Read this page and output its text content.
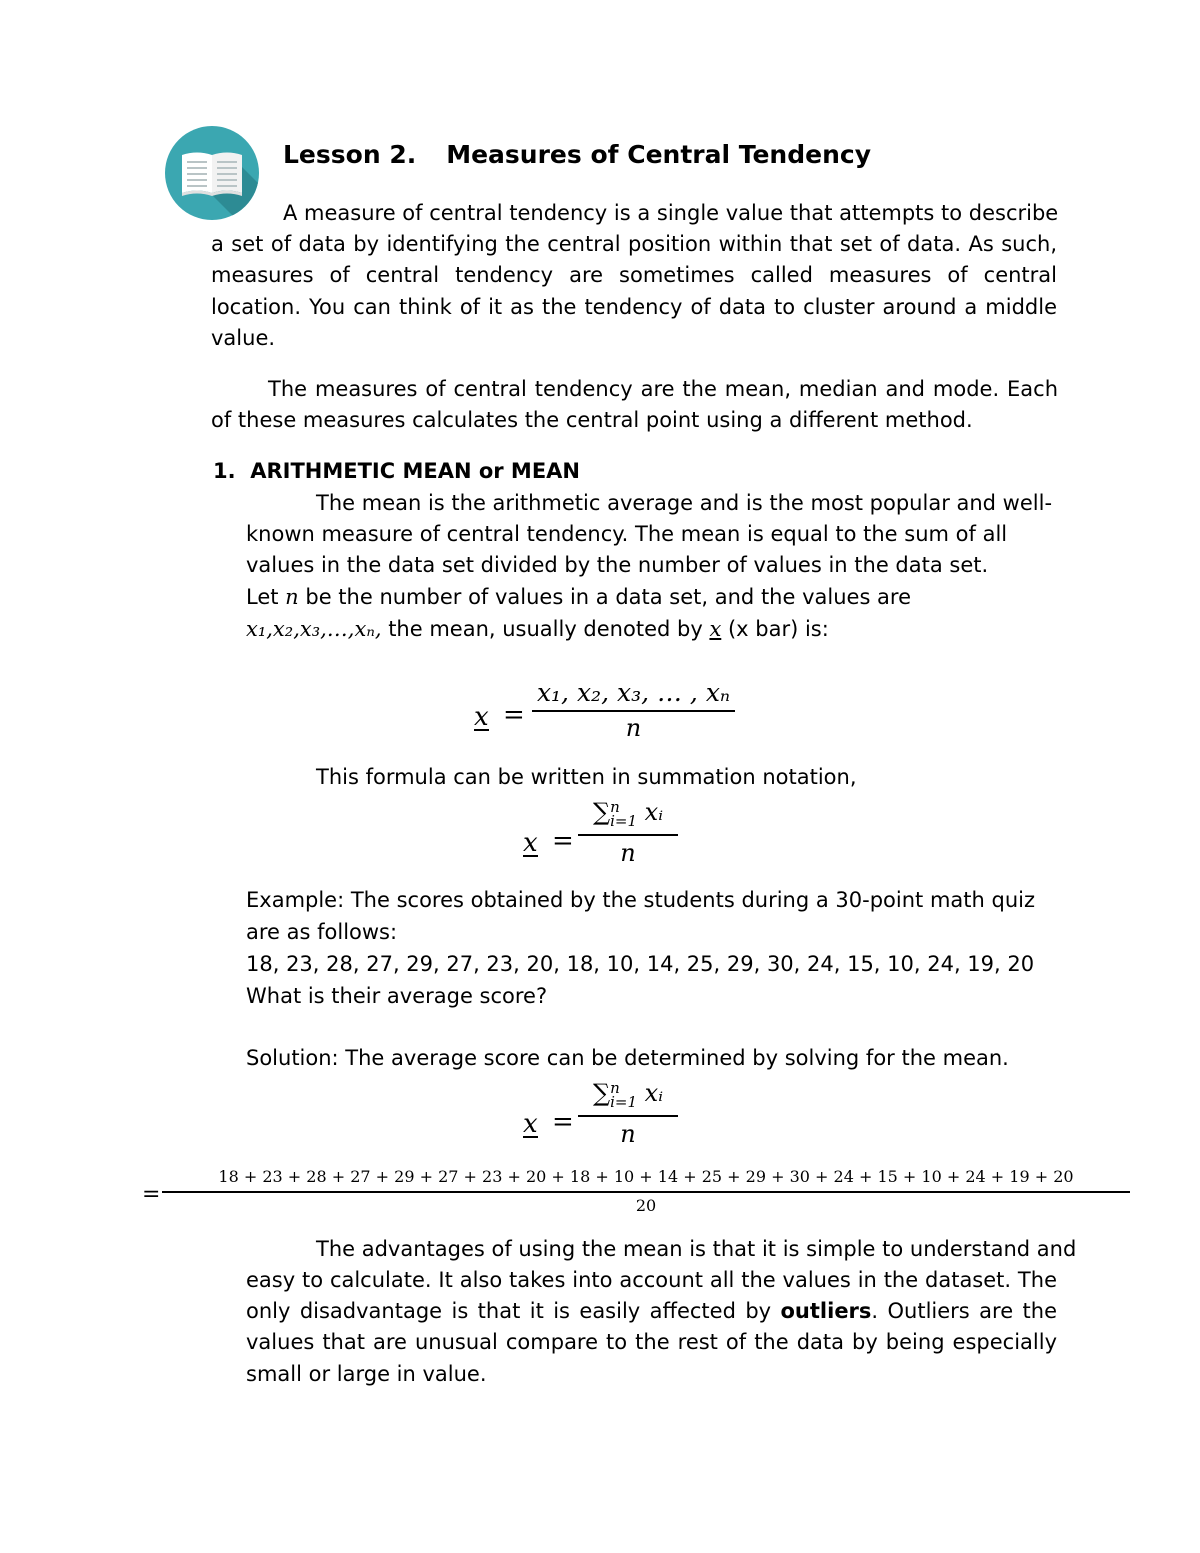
Lesson 2. Measures of Central Tendency
A measure of central tendency is a single value that attempts to describe
a set of data by identifying the central position within that set of data. As such,
measures of central tendency are sometimes called measures of central
location. You can think of it as the tendency of data to cluster around a middle
value.
The measures of central tendency are the mean, median and mode. Each
of these measures calculates the central point using a different method.
1. ARITHMETIC MEAN or MEAN
The mean is the arithmetic average and is the most popular and well-
known measure of central tendency. The mean is equal to the sum of all
values in the data set divided by the number of values in the data set.
Let n be the number of values in a data set, and the values are
x₁,x₂,x₃,…,xₙ, the mean, usually denoted by x (x bar) is:
x =
x₁, x₂, x₃, … , xₙ
n
This formula can be written in summation notation,
x =
∑ n
i=1 xᵢ
n
Example: The scores obtained by the students during a 30-point math quiz
are as follows:
18, 23, 28, 27, 29, 27, 23, 20, 18, 10, 14, 25, 29, 30, 24, 15, 10, 24, 19, 20
What is their average score?
Solution: The average score can be determined by solving for the mean.
x =
∑ n
i=1 xᵢ
n
=
18 + 23 + 28 + 27 + 29 + 27 + 23 + 20 + 18 + 10 + 14 + 25 + 29 + 30 + 24 + 15 + 10 + 24 + 19 + 20
20
The advantages of using the mean is that it is simple to understand and
easy to calculate. It also takes into account all the values in the dataset. The
only disadvantage is that it is easily affected by outliers. Outliers are the
values that are unusual compare to the rest of the data by being especially
small or large in value.
